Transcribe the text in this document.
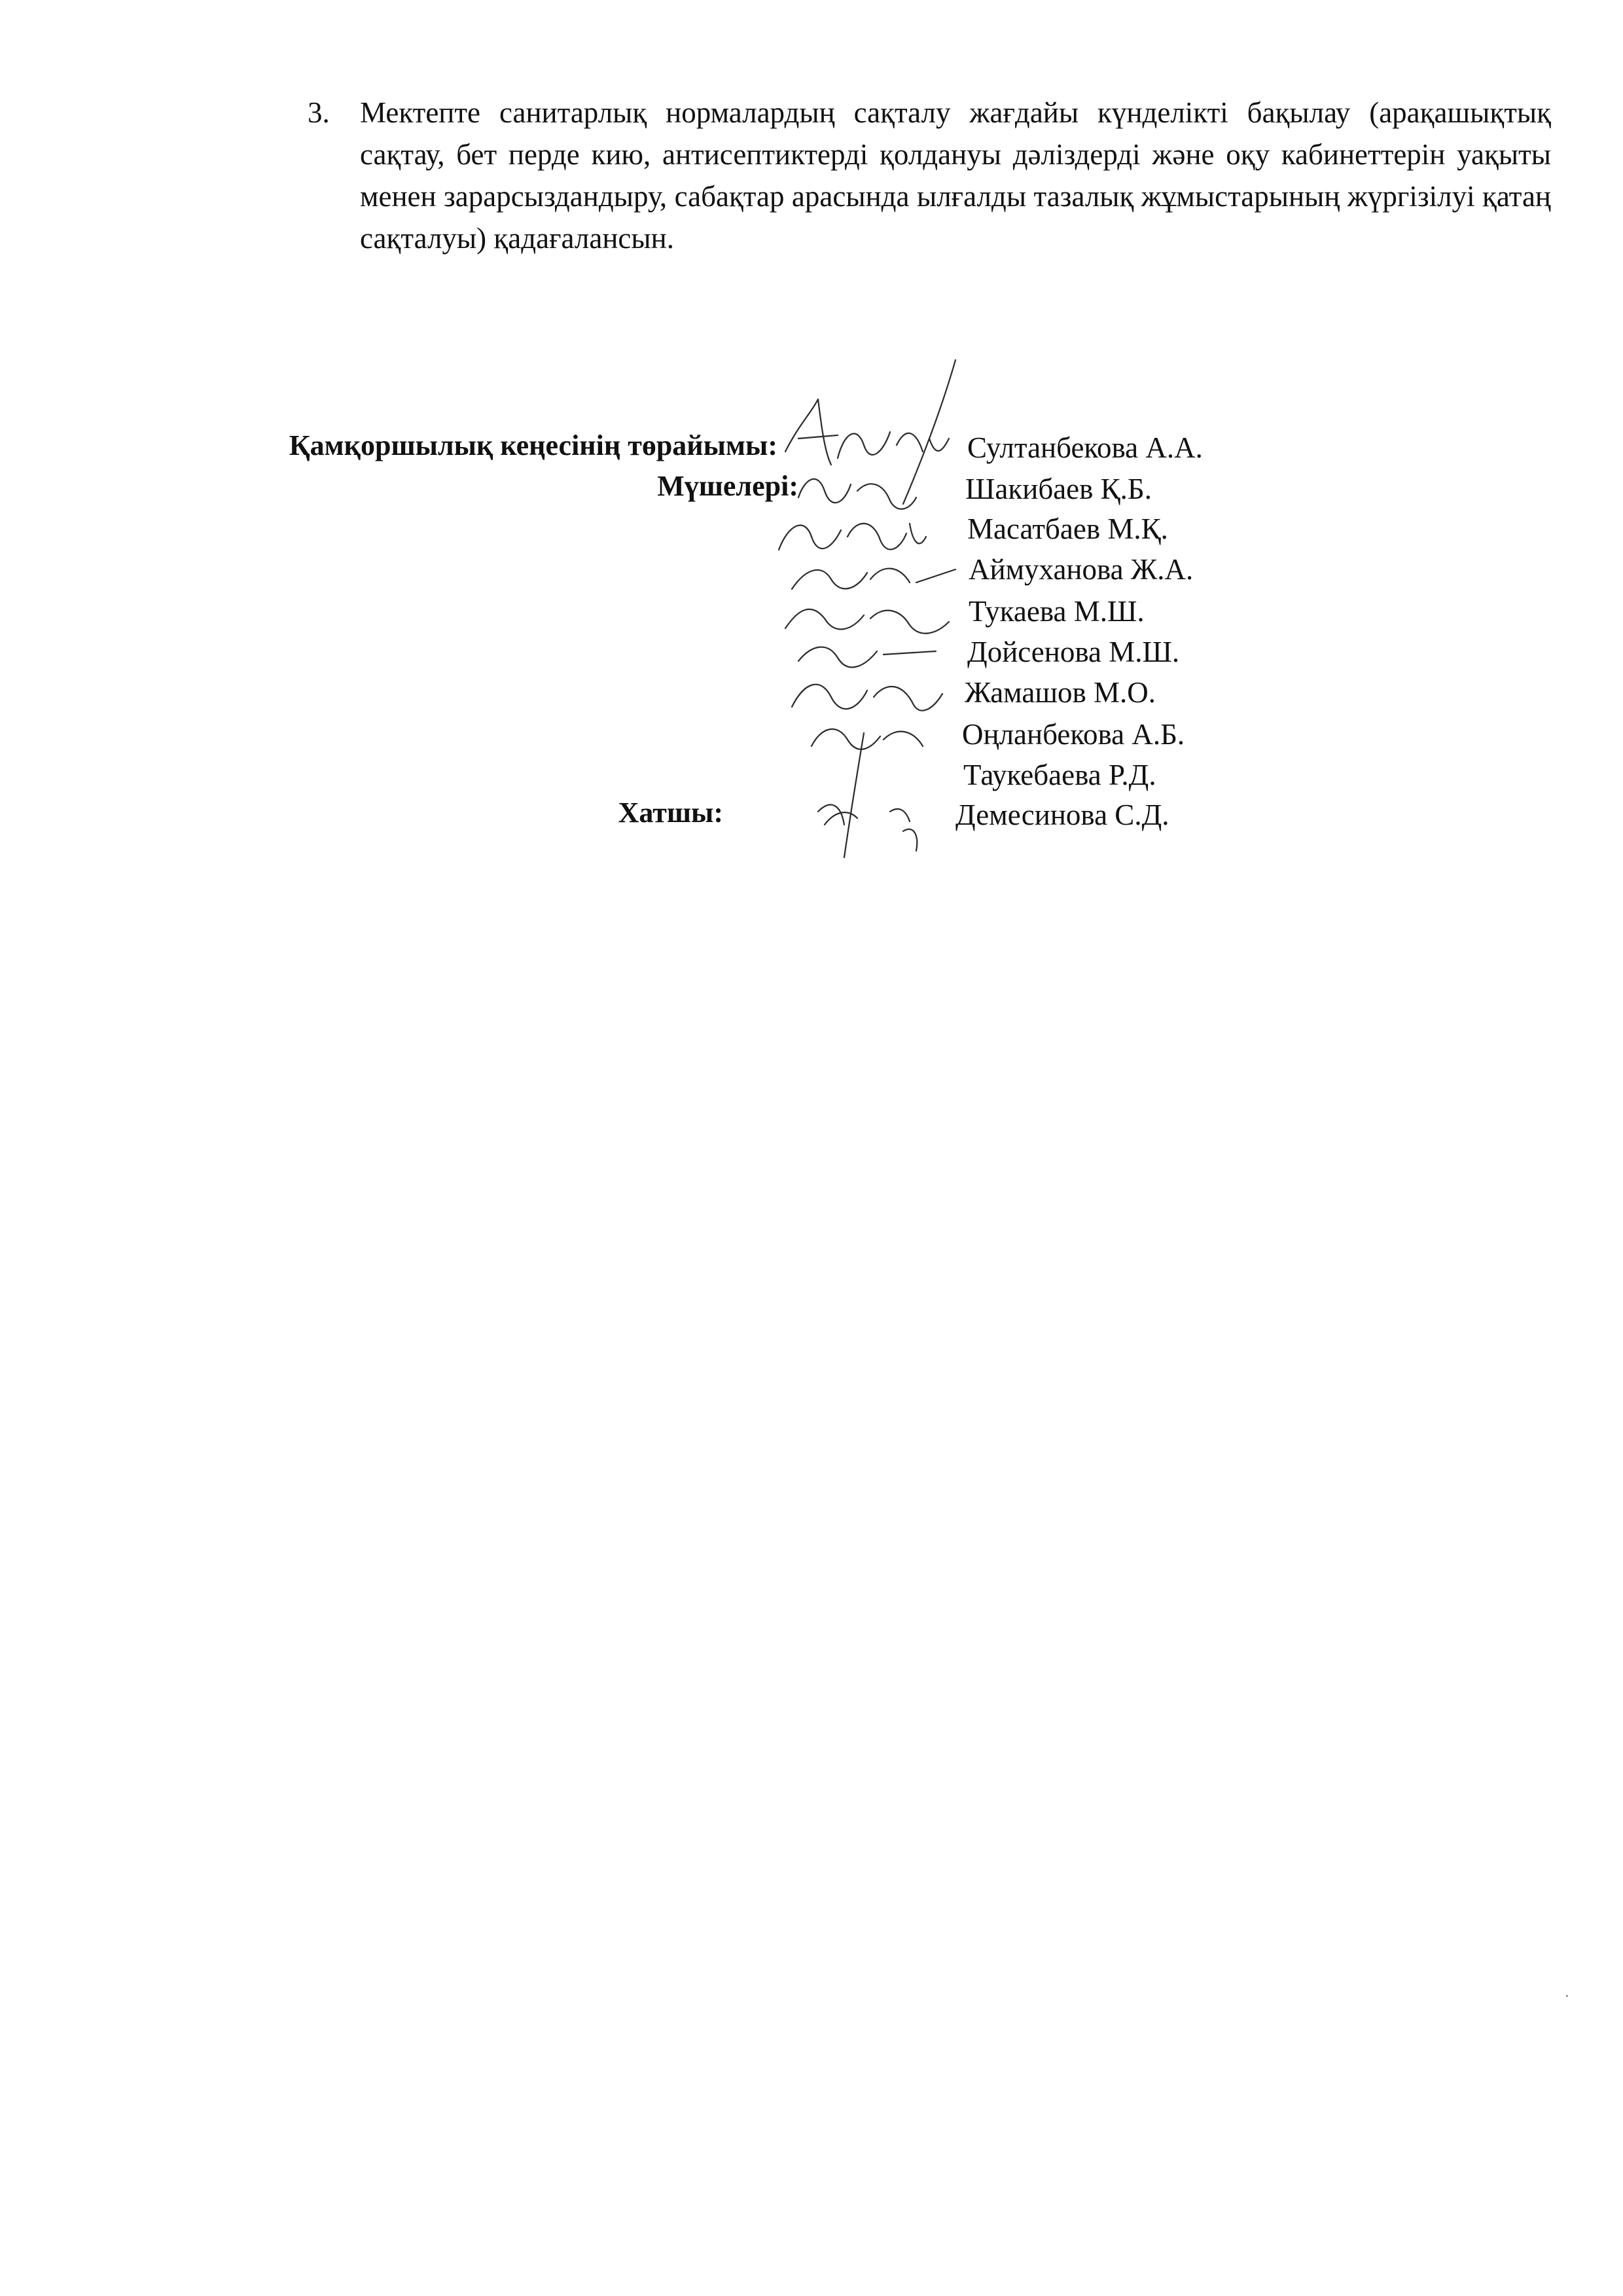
3. Мектепте санитарлық нормалардың сақталу жағдайы күнделікті бақылау (арақашықтық сақтау, бет перде кию, антисептиктерді қолдануы дәліздерді және оқу кабинеттерін уақыты менен зарарсыздандыру, сабақтар арасында ылғалды тазалық жұмыстарының жүргізілуі қатаң сақталуы) қадағалансын.
Қамқоршылық кеңесінің төрайымы:
Мүшелері:
Хатшы:
Султанбекова А.А.
Шакибаев Қ.Б.
Масатбаев М.Қ.
Аймуханова Ж.А.
Тукаева М.Ш.
Дойсенова М.Ш.
Жамашов М.О.
Оңланбекова А.Б.
Таукебаева Р.Д.
Демесинова С.Д.
